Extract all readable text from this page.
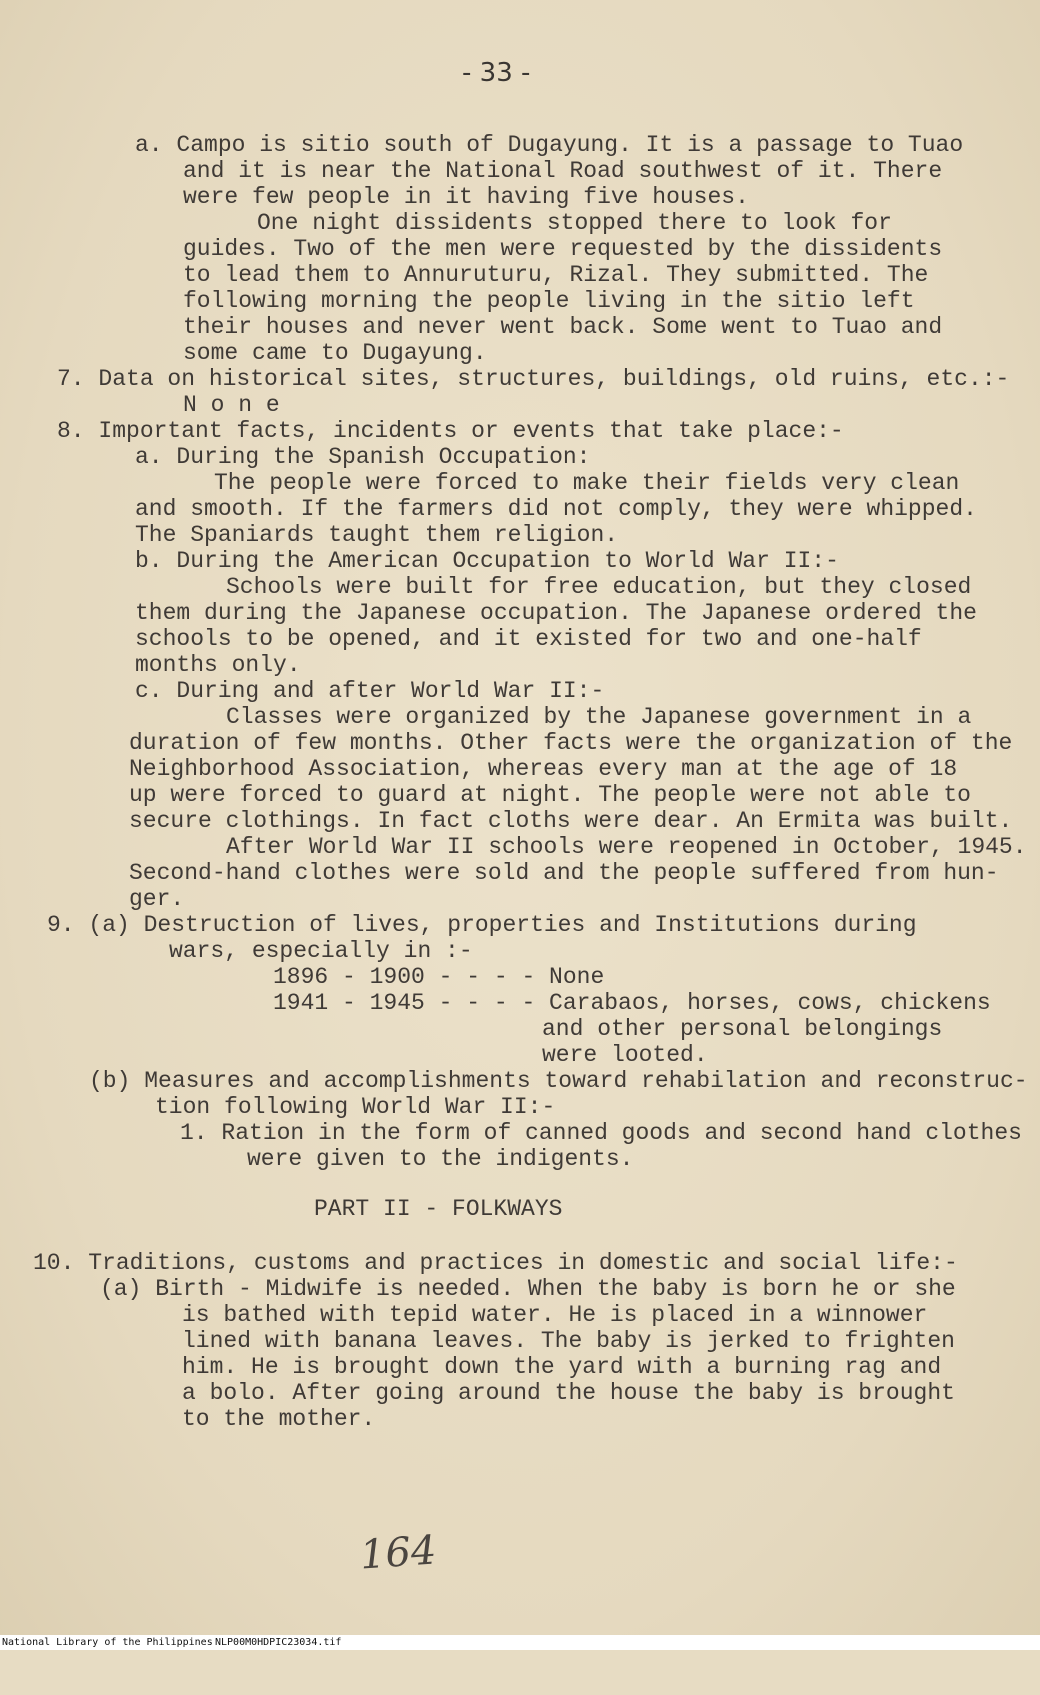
- 33 -
a. Campo is sitio south of Dugayung. It is a passage to Tuao
and it is near the National Road southwest of it. There
were few people in it having five houses.
One night dissidents stopped there to look for
guides. Two of the men were requested by the dissidents
to lead them to Annuruturu, Rizal. They submitted. The
following morning the people living in the sitio left
their houses and never went back. Some went to Tuao and
some came to Dugayung.
7. Data on historical sites, structures, buildings, old ruins, etc.:-
N o n e
8. Important facts, incidents or events that take place:-
a. During the Spanish Occupation:
The people were forced to make their fields very clean
and smooth. If the farmers did not comply, they were whipped.
The Spaniards taught them religion.
b. During the American Occupation to World War II:-
Schools were built for free education, but they closed
them during the Japanese occupation. The Japanese ordered the
schools to be opened, and it existed for two and one-half
months only.
c. During and after World War II:-
Classes were organized by the Japanese government in a
duration of few months. Other facts were the organization of the
Neighborhood Association, whereas every man at the age of 18
up were forced to guard at night. The people were not able to
secure clothings. In fact cloths were dear. An Ermita was built.
After World War II schools were reopened in October, 1945.
Second-hand clothes were sold and the people suffered from hun-
ger.
9. (a) Destruction of lives, properties and Institutions during
wars, especially in :-
1896 - 1900 - - - - None
1941 - 1945 - - - - Carabaos, horses, cows, chickens
and other personal belongings
were looted.
(b) Measures and accomplishments toward rehabilation and reconstruc-
tion following World War II:-
1. Ration in the form of canned goods and second hand clothes
were given to the indigents.
PART II - FOLKWAYS
10. Traditions, customs and practices in domestic and social life:-
(a) Birth - Midwife is needed. When the baby is born he or she
is bathed with tepid water. He is placed in a winnower
lined with banana leaves. The baby is jerked to frighten
him. He is brought down the yard with a burning rag and
a bolo. After going around the house the baby is brought
to the mother.
164

National Library of the Philippines

NLP00M0HDPIC23034.tif
